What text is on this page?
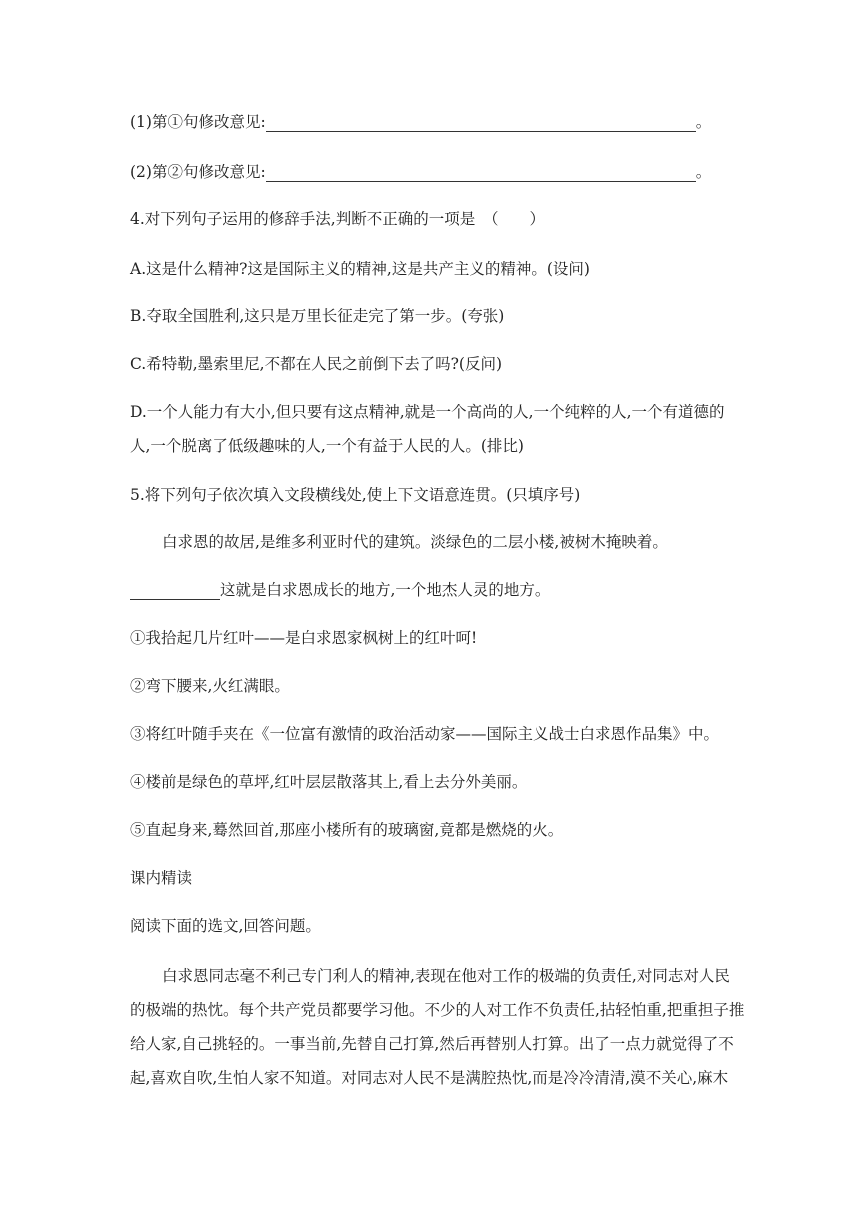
(1)第①句修改意见:	。
(2)第②句修改意见:	。
4.对下列句子运用的修辞手法,判断不正确的一项是　（　　）
A.这是什么精神?这是国际主义的精神,这是共产主义的精神。(设问)
B.夺取全国胜利,这只是万里长征走完了第一步。(夸张)
C.希特勒,墨索里尼,不都在人民之前倒下去了吗?(反问)
D.一个人能力有大小,但只要有这点精神,就是一个高尚的人,一个纯粹的人,一个有道德的
人,一个脱离了低级趣味的人,一个有益于人民的人。(排比)
5.将下列句子依次填入文段横线处,使上下文语意连贯。(只填序号)
白求恩的故居,是维多利亚时代的建筑。淡绿色的二层小楼,被树木掩映着。
这就是白求恩成长的地方,一个地杰人灵的地方。
①我拾起几片红叶——是白求恩家枫树上的红叶呵!
②弯下腰来,火红满眼。
③将红叶随手夹在《一位富有激情的政治活动家——国际主义战士白求恩作品集》中。
④楼前是绿色的草坪,红叶层层散落其上,看上去分外美丽。
⑤直起身来,蓦然回首,那座小楼所有的玻璃窗,竟都是燃烧的火。
课内精读
阅读下面的选文,回答问题。
白求恩同志毫不利己专门利人的精神,表现在他对工作的极端的负责任,对同志对人民
的极端的热忱。每个共产党员都要学习他。不少的人对工作不负责任,拈轻怕重,把重担子推
给人家,自己挑轻的。一事当前,先替自己打算,然后再替别人打算。出了一点力就觉得了不
起,喜欢自吹,生怕人家不知道。对同志对人民不是满腔热忱,而是冷冷清清,漠不关心,麻木
